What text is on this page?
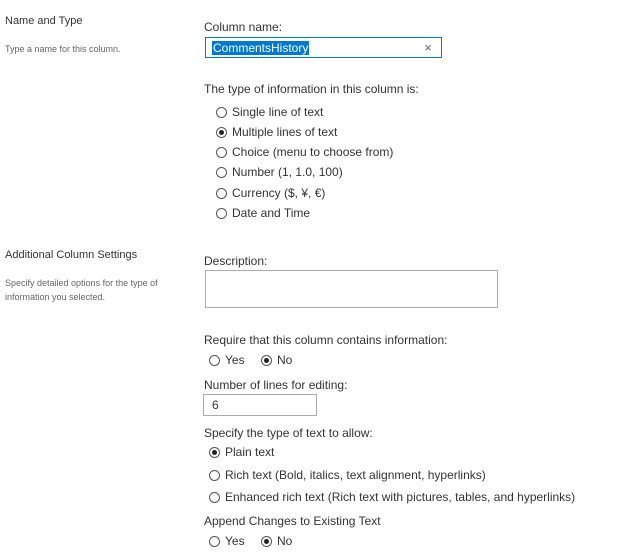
Name and Type
Type a name for this column.
Additional Column Settings
Specify detailed options for the type of
information you selected.
Column name:
CommentsHistory	×
The type of information in this column is:
Single line of text
Multiple lines of text
Choice (menu to choose from)
Number (1, 1.0, 100)
Currency ($, ¥, €)
Date and Time
Description:
Require that this column contains information:
Yes	No
Number of lines for editing:
6
Specify the type of text to allow:
Plain text
Rich text (Bold, italics, text alignment, hyperlinks)
Enhanced rich text (Rich text with pictures, tables, and hyperlinks)
Append Changes to Existing Text
Yes	No
